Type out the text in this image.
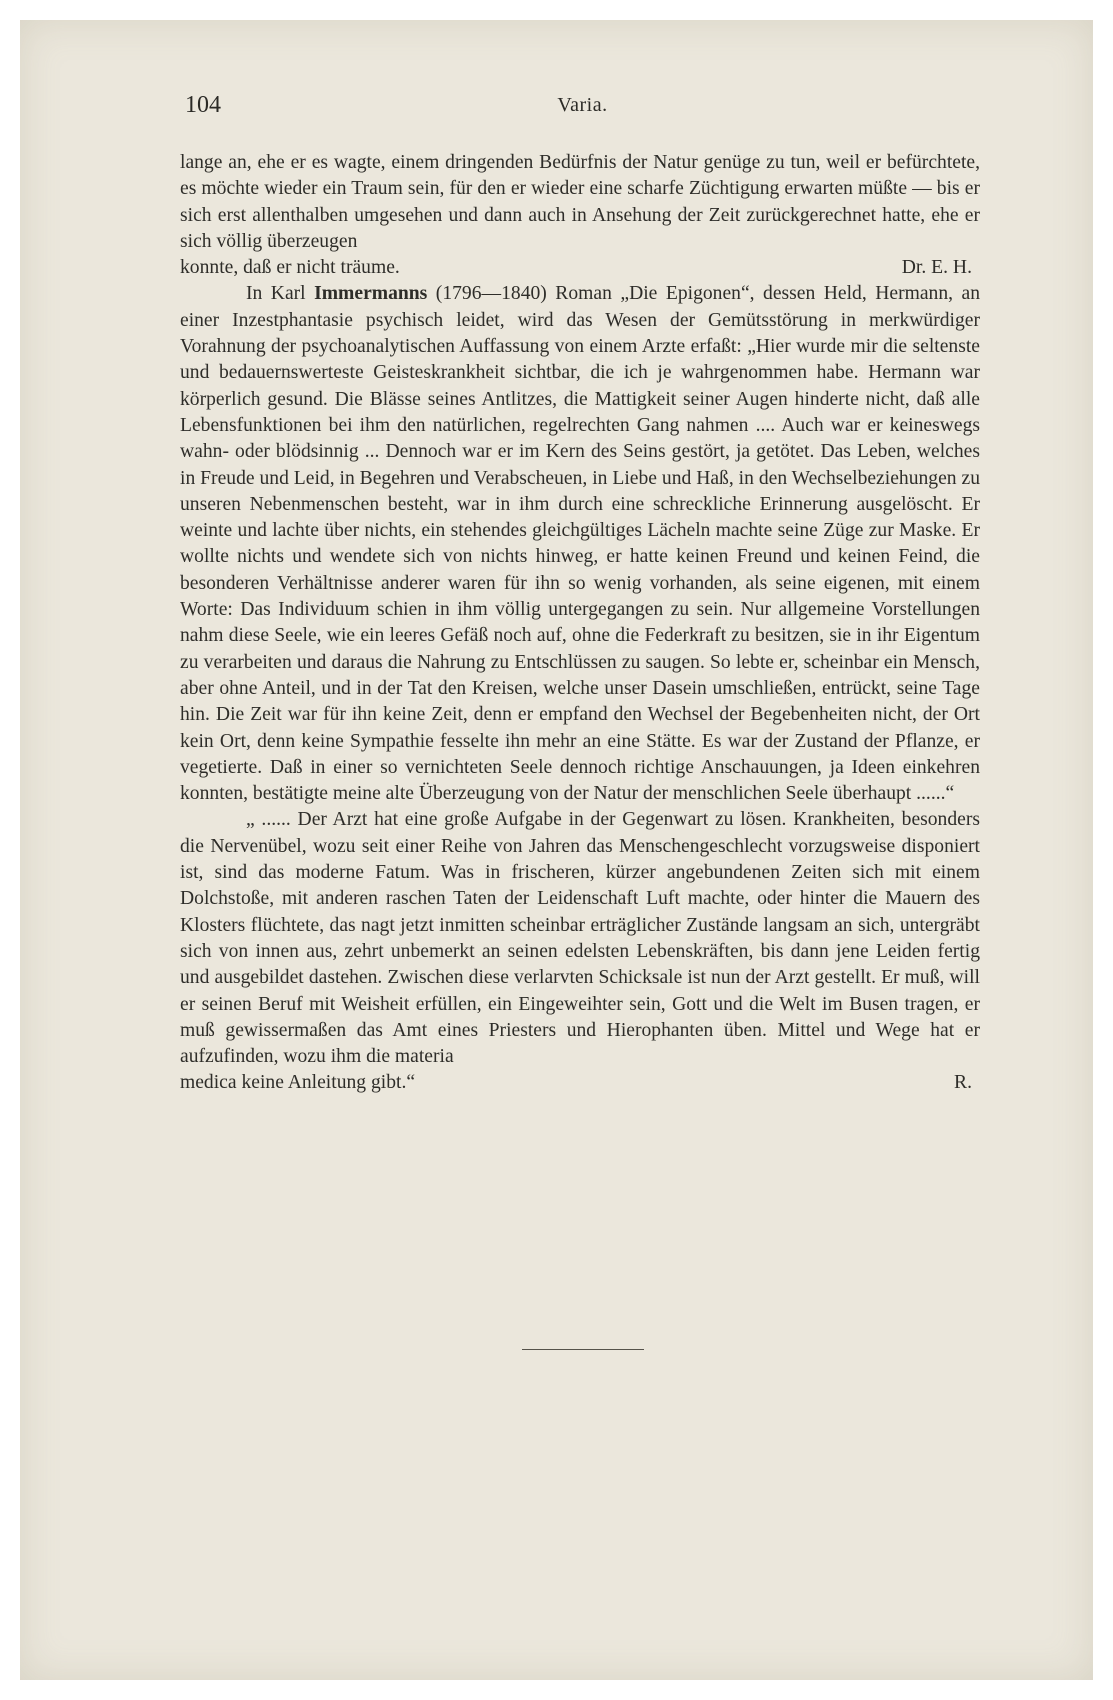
104	Varia.

lange an, ehe er es wagte, einem dringenden Bedürfnis der Natur genüge zu tun, weil er befürchtete, es möchte wieder ein Traum sein, für den er wieder eine scharfe Züchtigung erwarten müßte — bis er sich erst allenthalben umgesehen und dann auch in Ansehung der Zeit zurückgerechnet hatte, ehe er sich völlig überzeugen

konnte, daß er nicht träume.	Dr. E. H.

In Karl Immermanns (1796—1840) Roman „Die Epigonen“, dessen Held, Hermann, an einer Inzestphantasie psychisch leidet, wird das Wesen der Gemütsstörung in merkwürdiger Vorahnung der psychoanalytischen Auffassung von einem Arzte erfaßt: „Hier wurde mir die seltenste und bedauernswerteste Geisteskrankheit sichtbar, die ich je wahrgenommen habe. Hermann war körperlich gesund. Die Blässe seines Antlitzes, die Mattigkeit seiner Augen hinderte nicht, daß alle Lebensfunktionen bei ihm den natürlichen, regelrechten Gang nahmen .... Auch war er keineswegs wahn- oder blödsinnig ... Dennoch war er im Kern des Seins gestört, ja getötet. Das Leben, welches in Freude und Leid, in Begehren und Verabscheuen, in Liebe und Haß, in den Wechselbeziehungen zu unseren Nebenmenschen besteht, war in ihm durch eine schreckliche Erinnerung ausgelöscht. Er weinte und lachte über nichts, ein stehendes gleichgültiges Lächeln machte seine Züge zur Maske. Er wollte nichts und wendete sich von nichts hinweg, er hatte keinen Freund und keinen Feind, die besonderen Verhältnisse anderer waren für ihn so wenig vorhanden, als seine eigenen, mit einem Worte: Das Individuum schien in ihm völlig untergegangen zu sein. Nur allgemeine Vorstellungen nahm diese Seele, wie ein leeres Gefäß noch auf, ohne die Federkraft zu besitzen, sie in ihr Eigentum zu verarbeiten und daraus die Nahrung zu Entschlüssen zu saugen. So lebte er, scheinbar ein Mensch, aber ohne Anteil, und in der Tat den Kreisen, welche unser Dasein umschließen, entrückt, seine Tage hin. Die Zeit war für ihn keine Zeit, denn er empfand den Wechsel der Begebenheiten nicht, der Ort kein Ort, denn keine Sympathie fesselte ihn mehr an eine Stätte. Es war der Zustand der Pflanze, er vegetierte. Daß in einer so vernichteten Seele dennoch richtige Anschauungen, ja Ideen einkehren konnten, bestätigte meine alte Überzeugung von der Natur der menschlichen Seele überhaupt ......“

„ ...... Der Arzt hat eine große Aufgabe in der Gegenwart zu lösen. Krankheiten, besonders die Nervenübel, wozu seit einer Reihe von Jahren das Menschengeschlecht vorzugsweise disponiert ist, sind das moderne Fatum. Was in frischeren, kürzer angebundenen Zeiten sich mit einem Dolchstoße, mit anderen raschen Taten der Leidenschaft Luft machte, oder hinter die Mauern des Klosters flüchtete, das nagt jetzt inmitten scheinbar erträglicher Zustände langsam an sich, untergräbt sich von innen aus, zehrt unbemerkt an seinen edelsten Lebenskräften, bis dann jene Leiden fertig und ausgebildet dastehen. Zwischen diese verlarvten Schicksale ist nun der Arzt gestellt. Er muß, will er seinen Beruf mit Weisheit erfüllen, ein Eingeweihter sein, Gott und die Welt im Busen tragen, er muß gewissermaßen das Amt eines Priesters und Hierophanten üben. Mittel und Wege hat er aufzufinden, wozu ihm die materia

medica keine Anleitung gibt.“	R.
